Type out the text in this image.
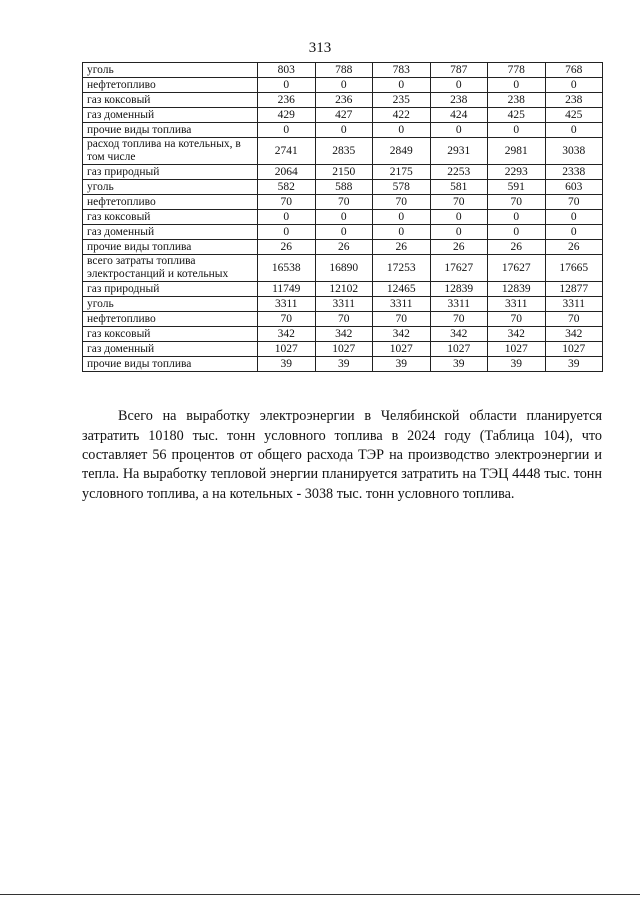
313
уголь	803	788	783	787	778	768
нефтетопливо	0	0	0	0	0	0
газ коксовый	236	236	235	238	238	238
газ доменный	429	427	422	424	425	425
прочие виды топлива	0	0	0	0	0	0
расход топлива на котельных, в том числе	2741	2835	2849	2931	2981	3038
газ природный	2064	2150	2175	2253	2293	2338
уголь	582	588	578	581	591	603
нефтетопливо	70	70	70	70	70	70
газ коксовый	0	0	0	0	0	0
газ доменный	0	0	0	0	0	0
прочие виды топлива	26	26	26	26	26	26
всего затраты топлива электростанций и котельных	16538	16890	17253	17627	17627	17665
газ природный	11749	12102	12465	12839	12839	12877
уголь	3311	3311	3311	3311	3311	3311
нефтетопливо	70	70	70	70	70	70
газ коксовый	342	342	342	342	342	342
газ доменный	1027	1027	1027	1027	1027	1027
прочие виды топлива	39	39	39	39	39	39

Всего на выработку электроэнергии в Челябинской области планируется затратить 10180 тыс. тонн условного топлива в 2024 году (Таблица 104), что составляет 56 процентов от общего расхода ТЭР на производство электроэнергии и тепла. На выработку тепловой энергии планируется затратить на ТЭЦ 4448 тыс. тонн условного топлива, а на котельных - 3038 тыс. тонн условного топлива.
